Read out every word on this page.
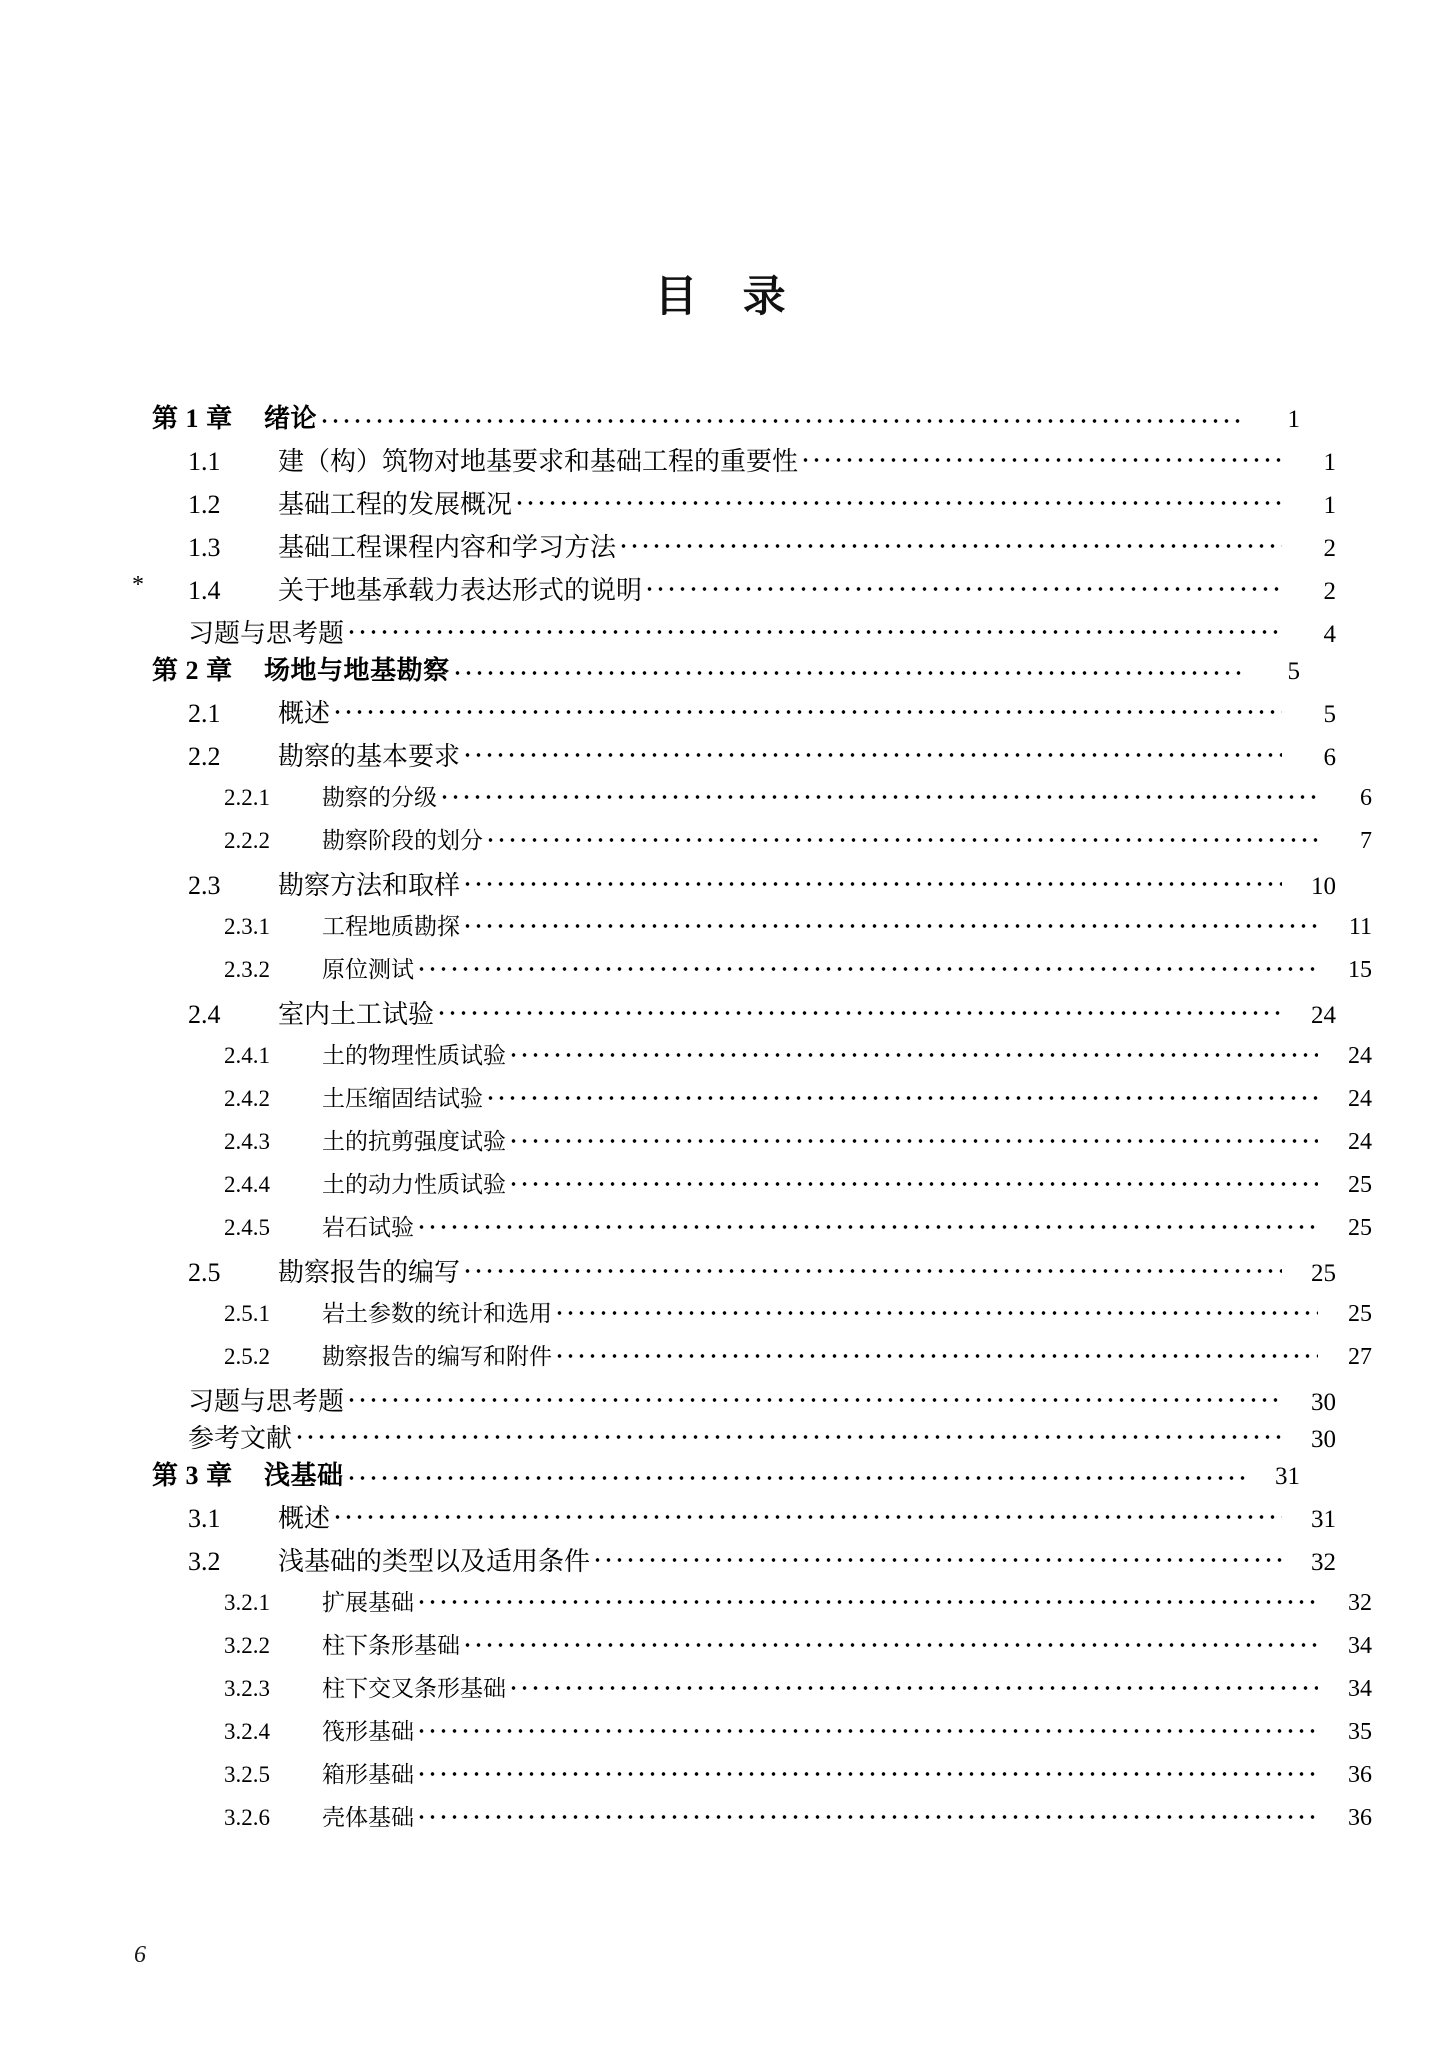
目 录
第 1 章	绪论	1
1.1	建（构）筑物对地基要求和基础工程的重要性	1
1.2	基础工程的发展概况	1
1.3	基础工程课程内容和学习方法	2
* 1.4	关于地基承载力表达形式的说明	2
习题与思考题	4
第 2 章	场地与地基勘察	5
2.1	概述	5
2.2	勘察的基本要求	6
2.2.1	勘察的分级	6
2.2.2	勘察阶段的划分	7
2.3	勘察方法和取样	10
2.3.1	工程地质勘探	11
2.3.2	原位测试	15
2.4	室内土工试验	24
2.4.1	土的物理性质试验	24
2.4.2	土压缩固结试验	24
2.4.3	土的抗剪强度试验	24
2.4.4	土的动力性质试验	25
2.4.5	岩石试验	25
2.5	勘察报告的编写	25
2.5.1	岩土参数的统计和选用	25
2.5.2	勘察报告的编写和附件	27
习题与思考题	30
参考文献	30
第 3 章	浅基础	31
3.1	概述	31
3.2	浅基础的类型以及适用条件	32
3.2.1	扩展基础	32
3.2.2	柱下条形基础	34
3.2.3	柱下交叉条形基础	34
3.2.4	筏形基础	35
3.2.5	箱形基础	36
3.2.6	壳体基础	36
6
